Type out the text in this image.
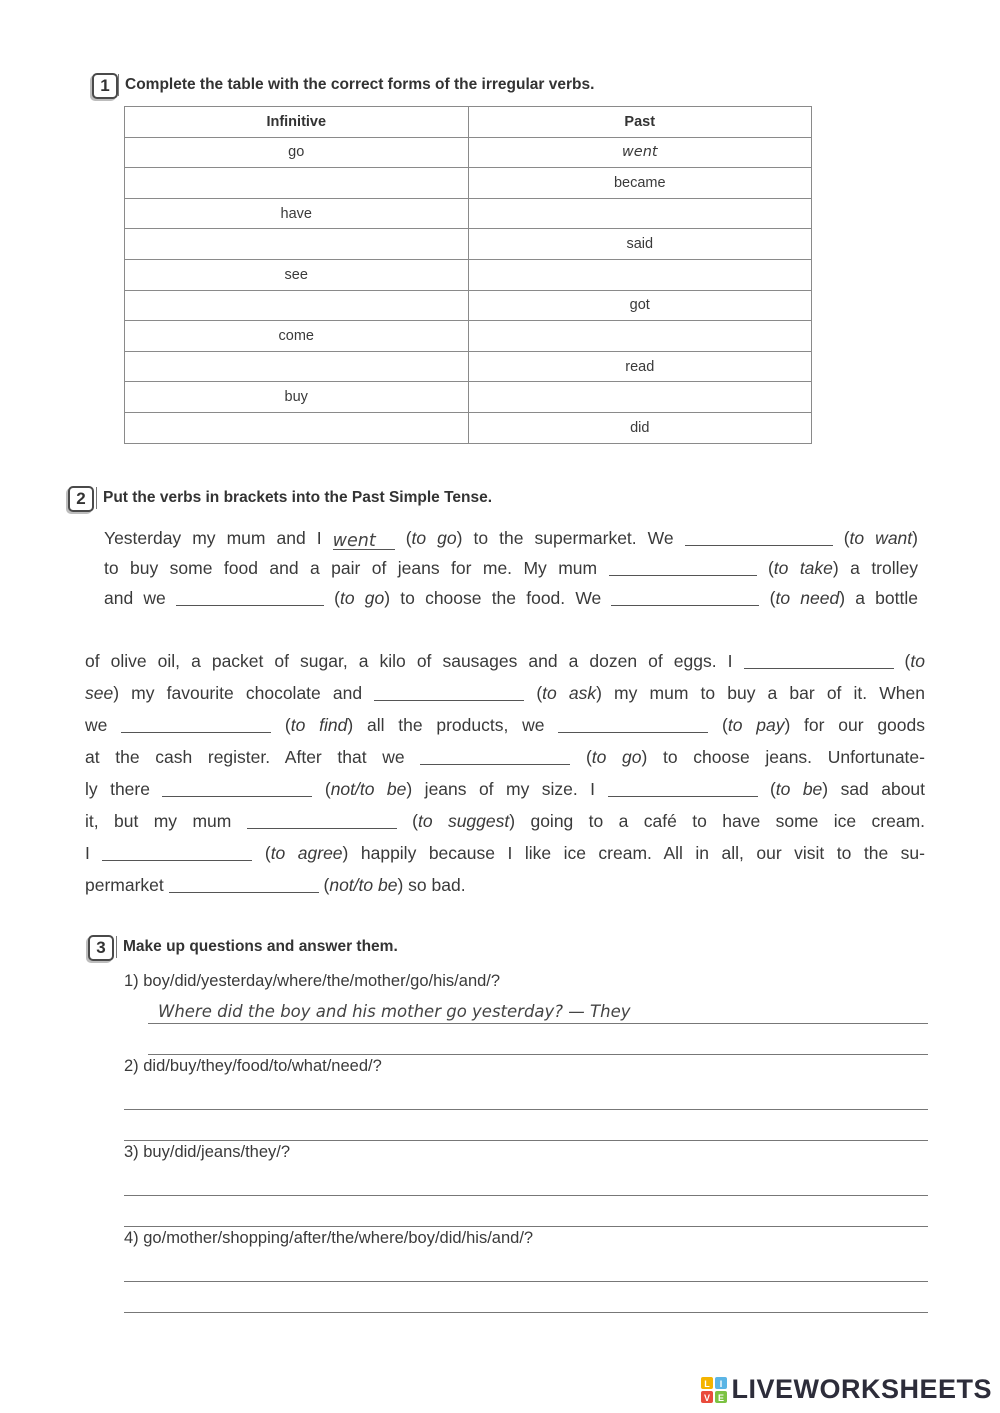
1 Complete the table with the correct forms of the irregular verbs.
Infinitive	Past
go	went
	became
have	
	said
see	
	got
come	
	read
buy	
	did
2	Put the verbs in brackets into the Past Simple Tense.
Yesterday my mum and I went (to go) to the supermarket. We	(to want)
to buy some food and a pair of jeans for me. My mum	(to take) a trolley
and we	(to go) to choose the food. We	(to need) a bottle
of olive oil, a packet of sugar, a kilo of sausages and a dozen of eggs. I	(to
see) my favourite chocolate and	(to ask) my mum to buy a bar of it. When
we	(to find) all the products, we	(to pay) for our goods
at the cash register. After that we	(to go) to choose jeans. Unfortunate-
ly there	(not/to be) jeans of my size. I	(to be) sad about
it, but my mum	(to suggest) going to a café to have some ice cream.
I	(to agree) happily because I like ice cream. All in all, our visit to the su-
permarket	(not/to be) so bad.
3	Make up questions and answer them.
1) boy/did/yesterday/where/the/mother/go/his/and/?
Where did the boy and his mother go yesterday? — They
2) did/buy/they/food/to/what/need/?
3) buy/did/jeans/they/?
4) go/mother/shopping/after/the/where/boy/did/his/and/?
L I
V E LIVEWORKSHEETS
